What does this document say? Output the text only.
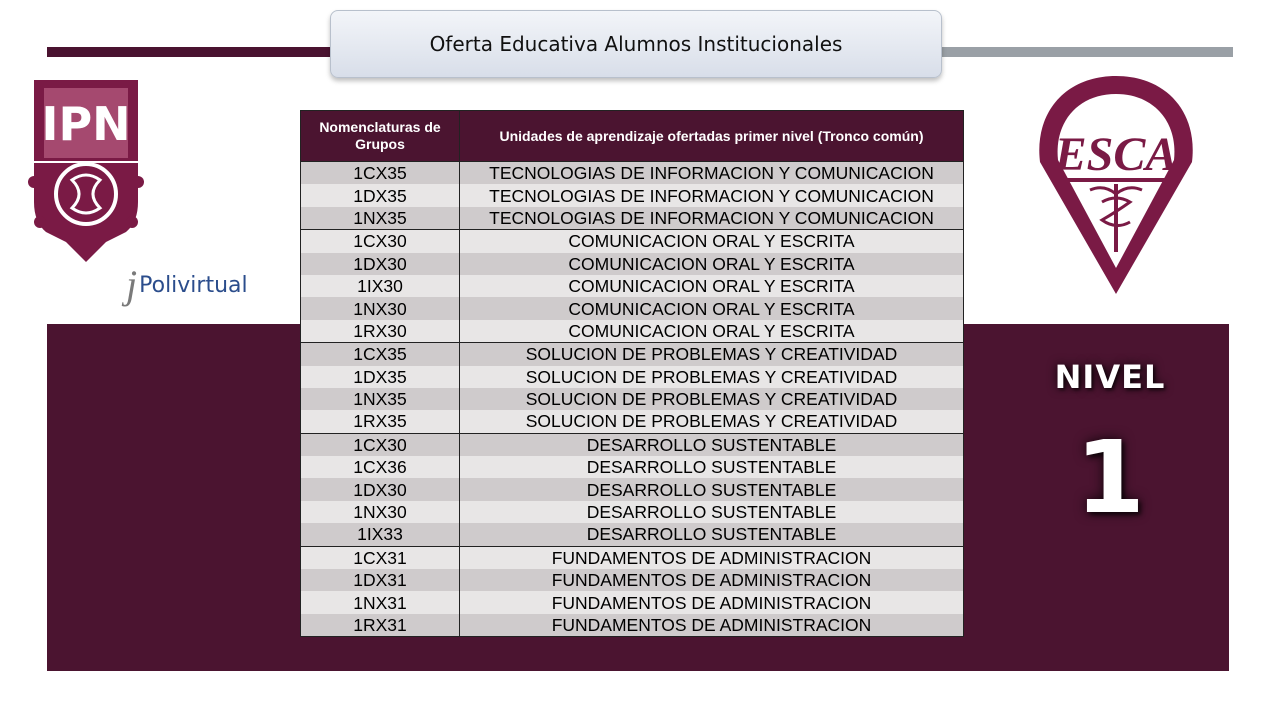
Oferta Educativa Alumnos Institucionales
IPN
j Polivirtual
ESCA
NIVEL
1
Nomenclaturas de Grupos	Unidades de aprendizaje ofertadas primer nivel (Tronco común)
1CX35	TECNOLOGIAS DE INFORMACION Y COMUNICACION
1DX35	TECNOLOGIAS DE INFORMACION Y COMUNICACION
1NX35	TECNOLOGIAS DE INFORMACION Y COMUNICACION
1CX30	COMUNICACION ORAL Y ESCRITA
1DX30	COMUNICACION ORAL Y ESCRITA
1IX30	COMUNICACION ORAL Y ESCRITA
1NX30	COMUNICACION ORAL Y ESCRITA
1RX30	COMUNICACION ORAL Y ESCRITA
1CX35	SOLUCION DE PROBLEMAS Y CREATIVIDAD
1DX35	SOLUCION DE PROBLEMAS Y CREATIVIDAD
1NX35	SOLUCION DE PROBLEMAS Y CREATIVIDAD
1RX35	SOLUCION DE PROBLEMAS Y CREATIVIDAD
1CX30	DESARROLLO SUSTENTABLE
1CX36	DESARROLLO SUSTENTABLE
1DX30	DESARROLLO SUSTENTABLE
1NX30	DESARROLLO SUSTENTABLE
1IX33	DESARROLLO SUSTENTABLE
1CX31	FUNDAMENTOS DE ADMINISTRACION
1DX31	FUNDAMENTOS DE ADMINISTRACION
1NX31	FUNDAMENTOS DE ADMINISTRACION
1RX31	FUNDAMENTOS DE ADMINISTRACION
